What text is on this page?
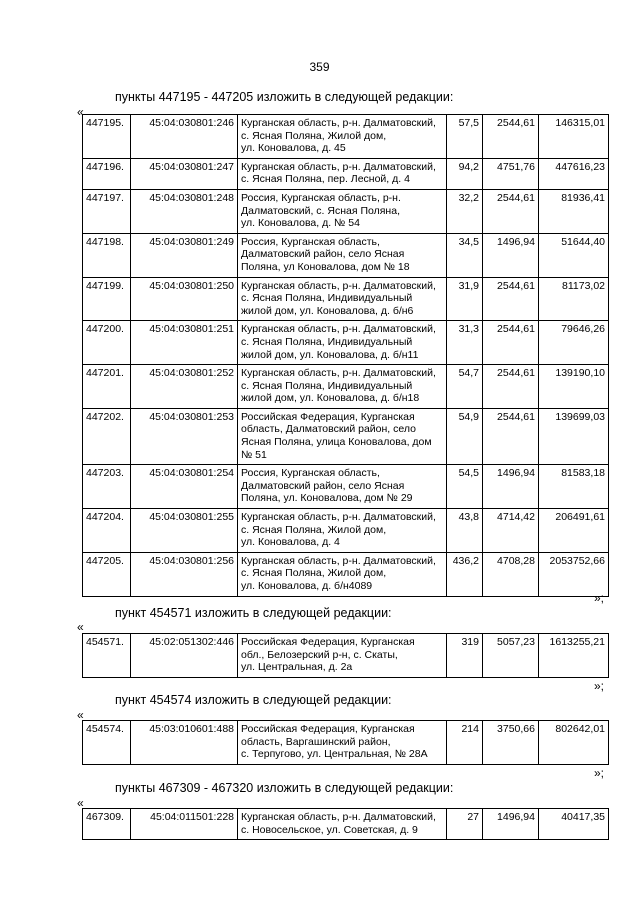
359
пункты 447195 - 447205 изложить в следующей редакции:
«
447195.	45:04:030801:246	Курганская область, р-н. Далматовский,
с. Ясная Поляна, Жилой дом,
ул. Коновалова, д. 45	57,5	2544,61	146315,01
447196.	45:04:030801:247	Курганская область, р-н. Далматовский,
с. Ясная Поляна, пер. Лесной, д. 4	94,2	4751,76	447616,23
447197.	45:04:030801:248	Россия, Курганская область, р-н.
Далматовский, с. Ясная Поляна,
ул. Коновалова, д. № 54	32,2	2544,61	81936,41
447198.	45:04:030801:249	Россия, Курганская область,
Далматовский район, село Ясная
Поляна, ул Коновалова, дом № 18	34,5	1496,94	51644,40
447199.	45:04:030801:250	Курганская область, р-н. Далматовский,
с. Ясная Поляна, Индивидуальный
жилой дом, ул. Коновалова, д. б/н6	31,9	2544,61	81173,02
447200.	45:04:030801:251	Курганская область, р-н. Далматовский,
с. Ясная Поляна, Индивидуальный
жилой дом, ул. Коновалова, д. б/н11	31,3	2544,61	79646,26
447201.	45:04:030801:252	Курганская область, р-н. Далматовский,
с. Ясная Поляна, Индивидуальный
жилой дом, ул. Коновалова, д. б/н18	54,7	2544,61	139190,10
447202.	45:04:030801:253	Российская Федерация, Курганская
область, Далматовский район, село
Ясная Поляна, улица Коновалова, дом
№ 51	54,9	2544,61	139699,03
447203.	45:04:030801:254	Россия, Курганская область,
Далматовский район, село Ясная
Поляна, ул. Коновалова, дом № 29	54,5	1496,94	81583,18
447204.	45:04:030801:255	Курганская область, р-н. Далматовский,
с. Ясная Поляна, Жилой дом,
ул. Коновалова, д. 4	43,8	4714,42	206491,61
447205.	45:04:030801:256	Курганская область, р-н. Далматовский,
с. Ясная Поляна, Жилой дом,
ул. Коновалова, д. б/н4089	436,2	4708,28	2053752,66
»;
пункт 454571 изложить в следующей редакции:
«
454571.	45:02:051302:446	Российская Федерация, Курганская
обл., Белозерский р-н, с. Скаты,
ул. Центральная, д. 2а
	319	5057,23	1613255,21
»;
пункт 454574 изложить в следующей редакции:
«
454574.	45:03:010601:488	Российская Федерация, Курганская
область, Варгашинский район,
с. Терпугово, ул. Центральная, № 28А
	214	3750,66	802642,01
»;
пункты 467309 - 467320 изложить в следующей редакции:
«
467309.	45:04:011501:228	Курганская область, р-н. Далматовский,
с. Новосельское, ул. Советская, д. 9
	27	1496,94	40417,35
